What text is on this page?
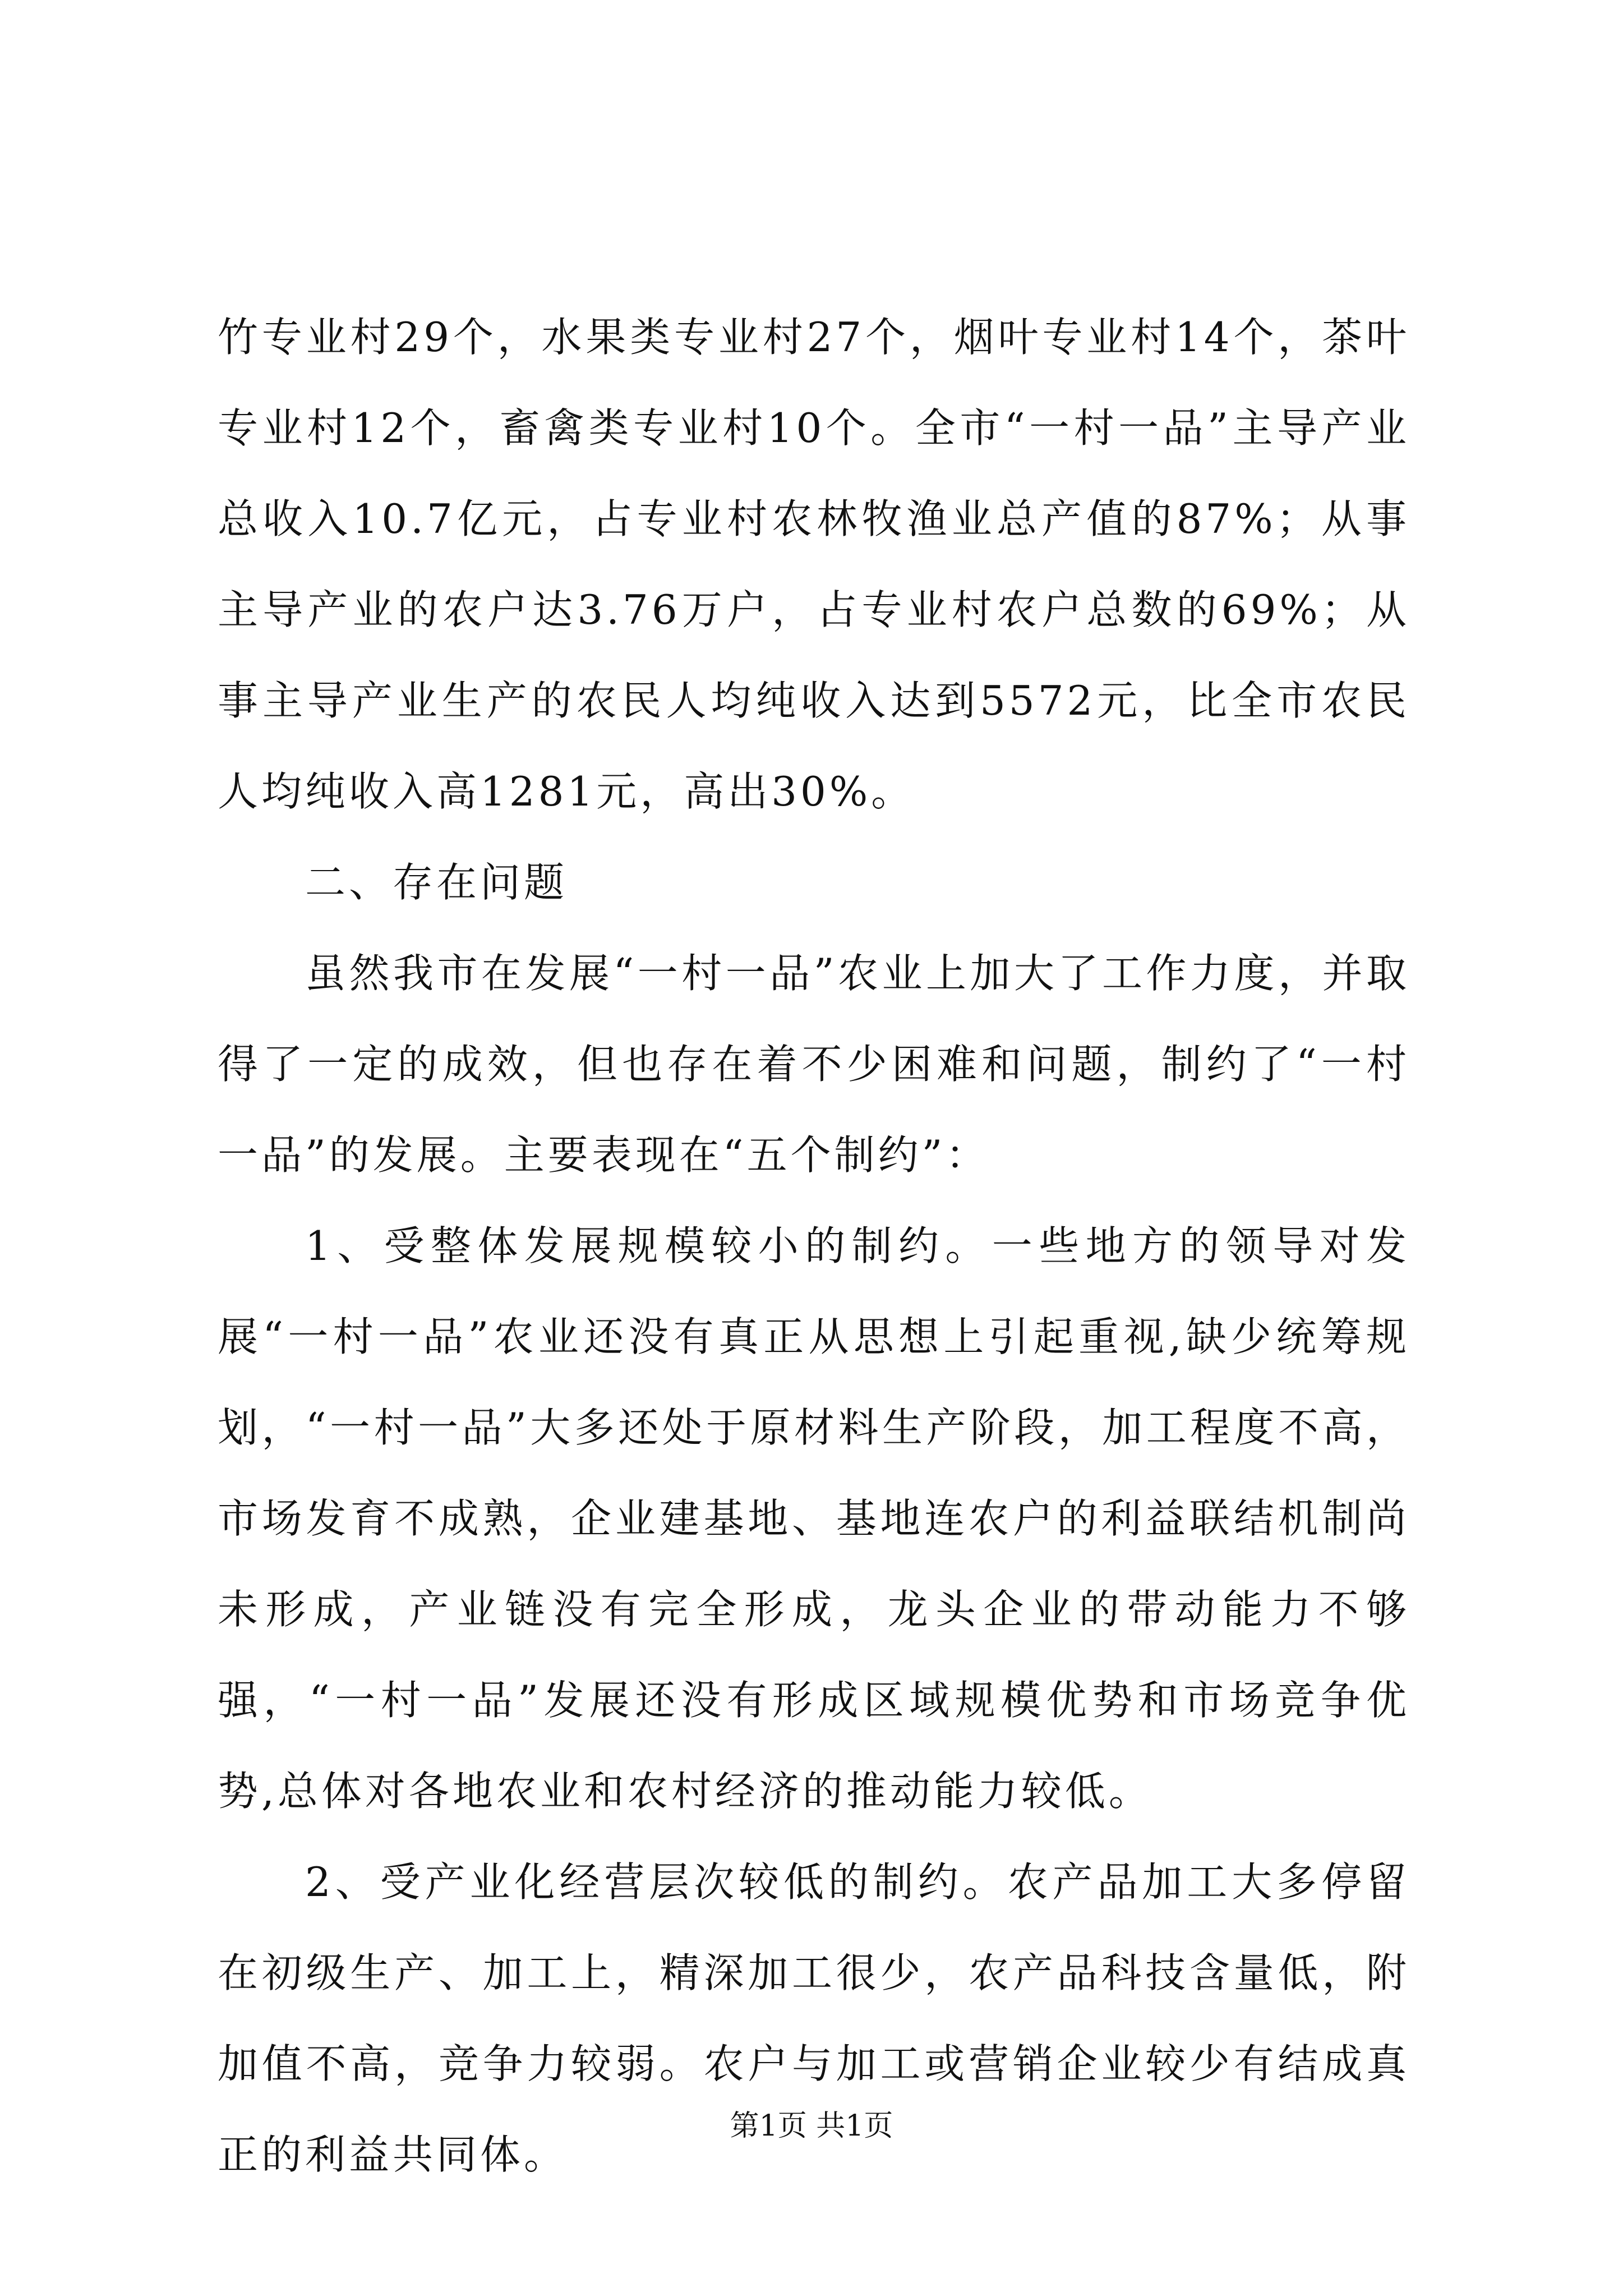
竹专业村29个，水果类专业村27个，烟叶专业村14个，茶叶专业村12个，畜禽类专业村10个。全市“一村一品”主导产业总收入10.7亿元，占专业村农林牧渔业总产值的87%；从事主导产业的农户达3.76万户，占专业村农户总数的69%；从事主导产业生产的农民人均纯收入达到5572元，比全市农民人均纯收入高1281元，高出30%。

二、存在问题

虽然我市在发展“一村一品”农业上加大了工作力度，并取得了一定的成效，但也存在着不少困难和问题，制约了“一村一品”的发展。主要表现在“五个制约”：

1、受整体发展规模较小的制约。一些地方的领导对发展“一村一品”农业还没有真正从思想上引起重视,缺少统筹规划，“一村一品”大多还处于原材料生产阶段，加工程度不高，市场发育不成熟，企业建基地、基地连农户的利益联结机制尚未形成，产业链没有完全形成，龙头企业的带动能力不够强，“一村一品”发展还没有形成区域规模优势和市场竞争优势,总体对各地农业和农村经济的推动能力较低。

2、受产业化经营层次较低的制约。农产品加工大多停留在初级生产、加工上，精深加工很少，农产品科技含量低，附加值不高，竞争力较弱。农户与加工或营销企业较少有结成真正的利益共同体。

第1页 共1页
